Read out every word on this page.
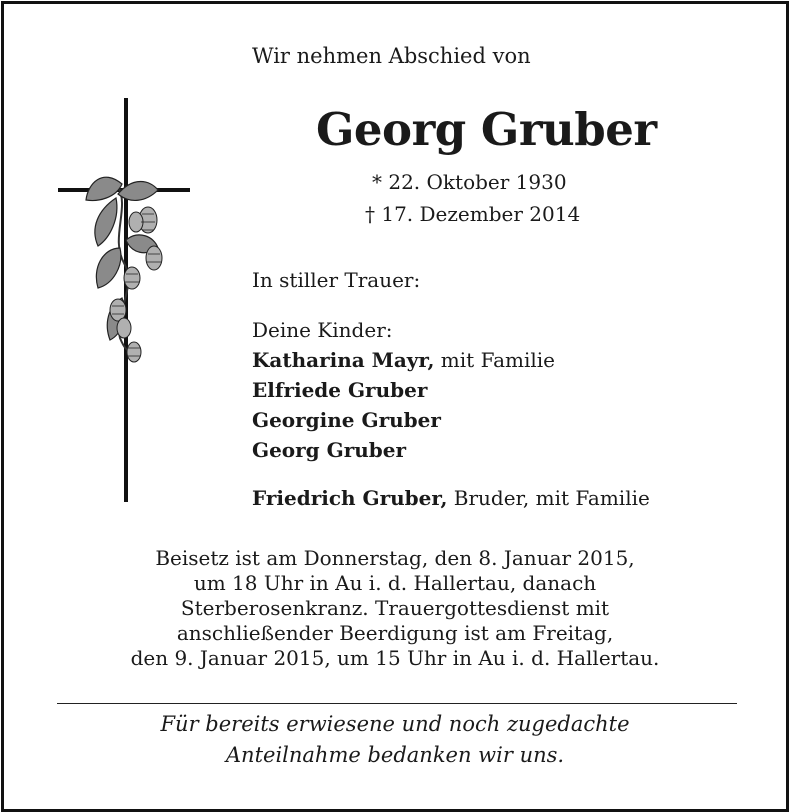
Wir nehmen Abschied von
Georg Gruber
* 22. Oktober 1930
† 17. Dezember 2014
In stiller Trauer:
Deine Kinder:
Katharina Mayr, mit Familie
Elfriede Gruber
Georgine Gruber
Georg Gruber
Friedrich Gruber, Bruder, mit Familie
Beisetz ist am Donnerstag, den 8. Januar 2015,
um 18 Uhr in Au i. d. Hallertau, danach
Sterberosenkranz. Trauergottesdienst mit
anschließender Beerdigung ist am Freitag,
den 9. Januar 2015, um 15 Uhr in Au i. d. Hallertau.
Für bereits erwiesene und noch zugedachte
Anteilnahme bedanken wir uns.
